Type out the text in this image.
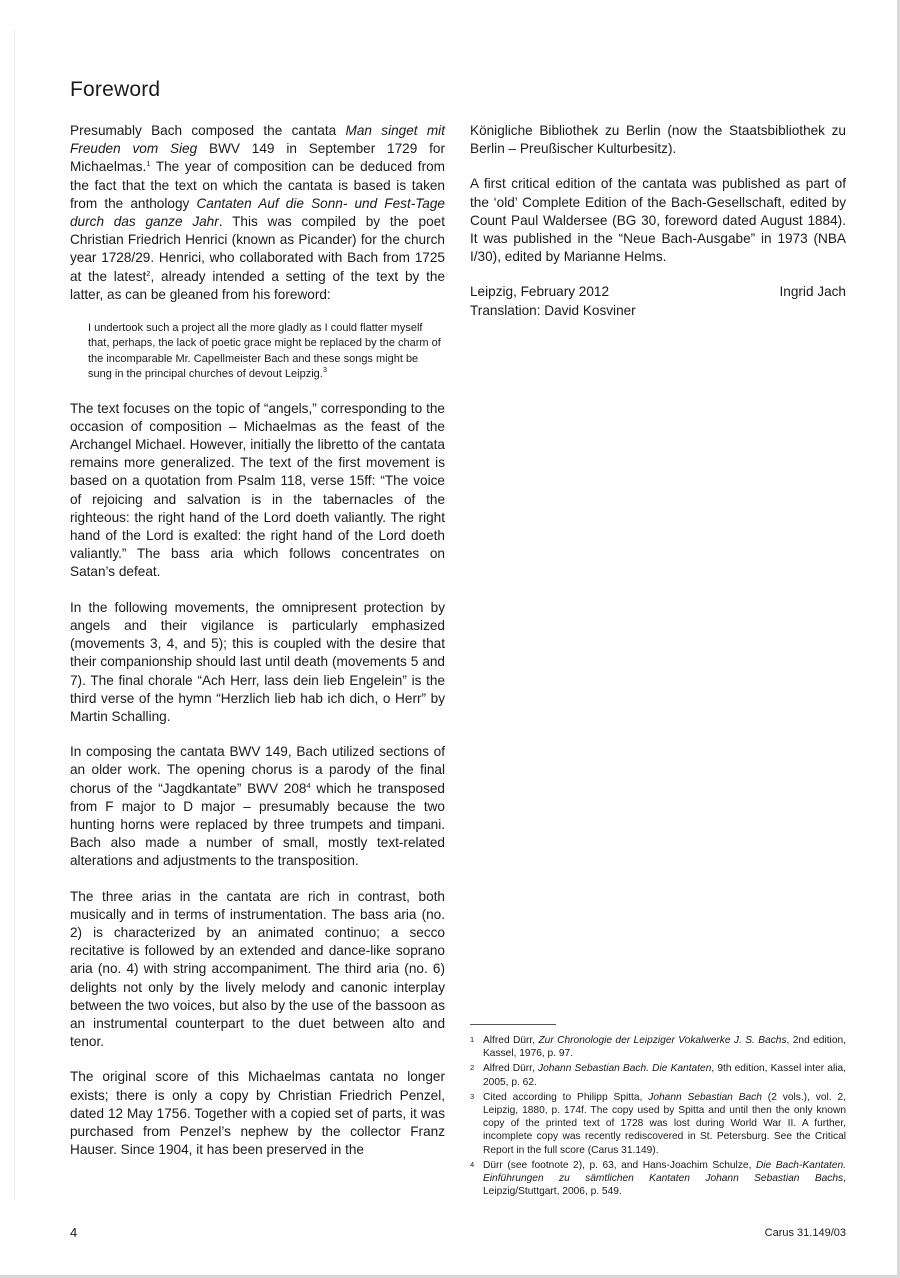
Foreword

Presumably Bach composed the cantata Man singet mit Freuden vom Sieg BWV 149 in September 1729 for Michaelmas.$^1$ The year of composition can be deduced from the fact that the text on which the cantata is based is taken from the anthology Cantaten Auf die Sonn- und Fest-Tage durch das ganze Jahr. This was compiled by the poet Christian Friedrich Henrici (known as Picander) for the church year 1728/29. Henrici, who collaborated with Bach from 1725 at the latest$^2$, already intended a setting of the text by the latter, as can be gleaned from his foreword:

I undertook such a project all the more gladly as I could flatter myself that, perhaps, the lack of poetic grace might be replaced by the charm of the incomparable Mr. Capellmeister Bach and these songs might be sung in the principal churches of devout Leipzig.$^3$

The text focuses on the topic of “angels,” corresponding to the occasion of composition – Michaelmas as the feast of the Archangel Michael. However, initially the libretto of the cantata remains more generalized. The text of the first movement is based on a quotation from Psalm 118, verse 15ff: “The voice of rejoicing and salvation is in the tabernacles of the righteous: the right hand of the Lord doeth valiantly. The right hand of the Lord is exalted: the right hand of the Lord doeth valiantly.” The bass aria which follows concentrates on Satan’s defeat.

In the following movements, the omnipresent protection by angels and their vigilance is particularly emphasized (movements 3, 4, and 5); this is coupled with the desire that their companionship should last until death (movements 5 and 7). The final chorale “Ach Herr, lass dein lieb Engelein” is the third verse of the hymn “Herzlich lieb hab ich dich, o Herr” by Martin Schalling.

In composing the cantata BWV 149, Bach utilized sections of an older work. The opening chorus is a parody of the final chorus of the “Jagdkantate” BWV $208^4$ which he transposed from F major to D major – presumably because the two hunting horns were replaced by three trumpets and timpani. Bach also made a number of small, mostly text-related alterations and adjustments to the transposition.

The three arias in the cantata are rich in contrast, both musically and in terms of instrumentation. The bass aria (no. 2) is characterized by an animated continuo; a secco recitative is followed by an extended and dance-like soprano aria (no. 4) with string accompaniment. The third aria (no. 6) delights not only by the lively melody and canonic interplay between the two voices, but also by the use of the bassoon as an instrumental counterpart to the duet between alto and tenor.

The original score of this Michaelmas cantata no longer exists; there is only a copy by Christian Friedrich Penzel, dated 12 May 1756. Together with a copied set of parts, it was purchased from Penzel’s nephew by the collector Franz Hauser. Since 1904, it has been preserved in the

Königliche Bibliothek zu Berlin (now the Staatsbibliothek zu Berlin – Preußischer Kulturbesitz).

A first critical edition of the cantata was published as part of the ‘old’ Complete Edition of the Bach-Gesellschaft, edited by Count Paul Waldersee (BG 30, foreword dated August 1884). It was published in the “Neue Bach-Ausgabe” in 1973 (NBA I/30), edited by Marianne Helms.

Leipzig, February 2012	Ingrid Jach
Translation: David Kosviner
1 Alfred Dürr, Zur Chronologie der Leipziger Vokalwerke J. S. Bachs, 2nd edition, Kassel, 1976, p. 97.
2 Alfred Dürr, Johann Sebastian Bach. Die Kantaten, 9th edition, Kassel inter alia, 2005, p. 62.
3 Cited according to Philipp Spitta, Johann Sebastian Bach (2 vols.), vol. 2, Leipzig, 1880, p. 174f. The copy used by Spitta and until then the only known copy of the printed text of 1728 was lost during World War II. A further, incomplete copy was recently rediscovered in St. Petersburg. See the Critical Report in the full score (Carus 31.149).
4 Dürr (see footnote 2), p. 63, and Hans-Joachim Schulze, Die Bach-Kantaten. Einführungen zu sämtlichen Kantaten Johann Sebastian Bachs, Leipzig/Stuttgart, 2006, p. 549.
4	Carus 31.149/03
